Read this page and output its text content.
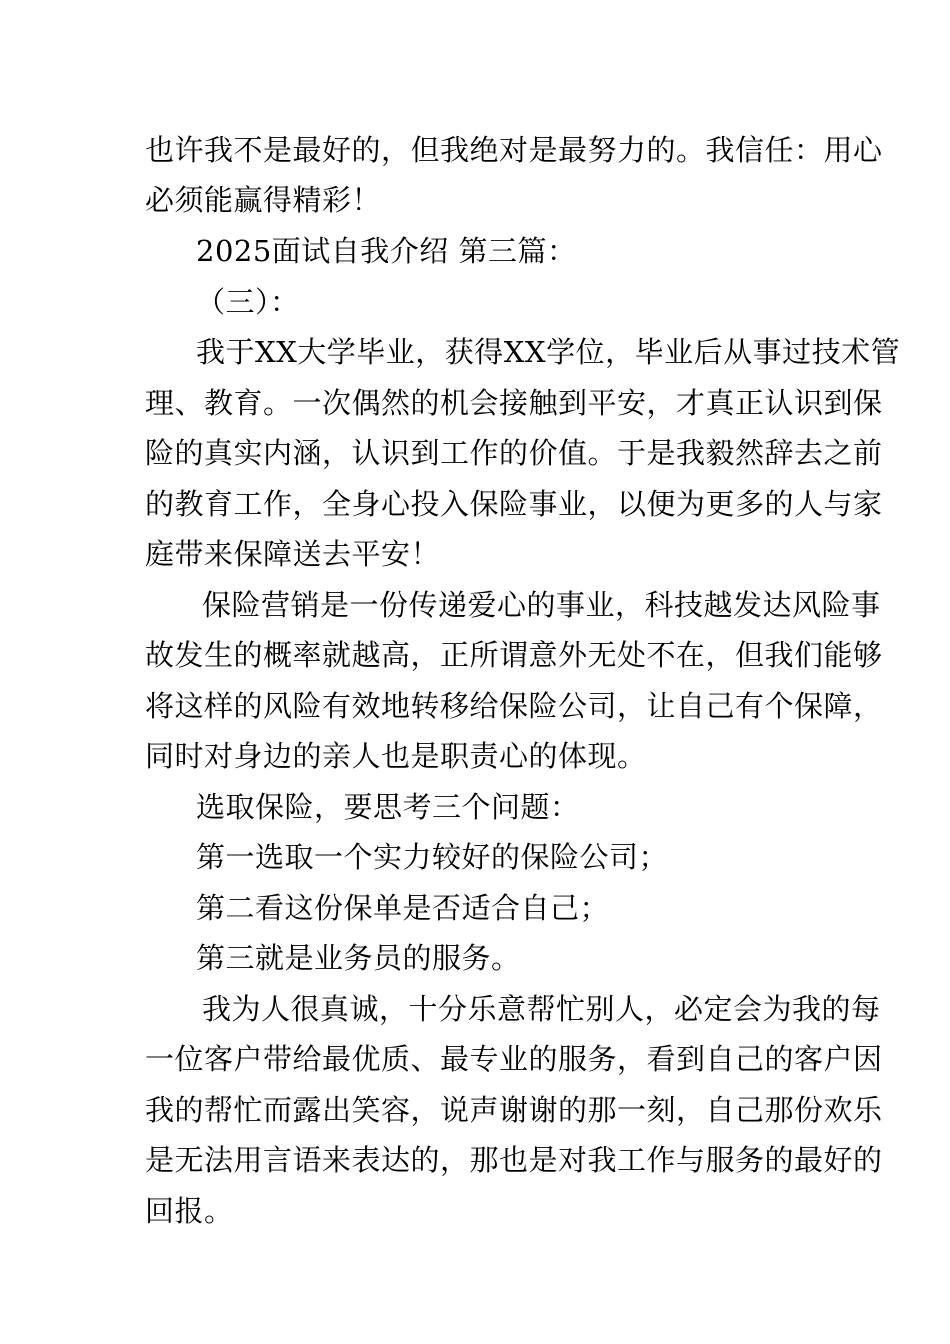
也许我不是最好的，但我绝对是最努力的。我信任：用心
必须能赢得精彩！
2025面试自我介绍 第三篇：
（三）：
我于XX大学毕业，获得XX学位，毕业后从事过技术管
理、教育。一次偶然的机会接触到平安，才真正认识到保
险的真实内涵，认识到工作的价值。于是我毅然辞去之前
的教育工作，全身心投入保险事业，以便为更多的人与家
庭带来保障送去平安！
保险营销是一份传递爱心的事业，科技越发达风险事
故发生的概率就越高，正所谓意外无处不在，但我们能够
将这样的风险有效地转移给保险公司，让自己有个保障，
同时对身边的亲人也是职责心的体现。
选取保险，要思考三个问题：
第一选取一个实力较好的保险公司；
第二看这份保单是否适合自己；
第三就是业务员的服务。
我为人很真诚，十分乐意帮忙别人，必定会为我的每
一位客户带给最优质、最专业的服务，看到自己的客户因
我的帮忙而露出笑容，说声谢谢的那一刻，自己那份欢乐
是无法用言语来表达的，那也是对我工作与服务的最好的
回报。
